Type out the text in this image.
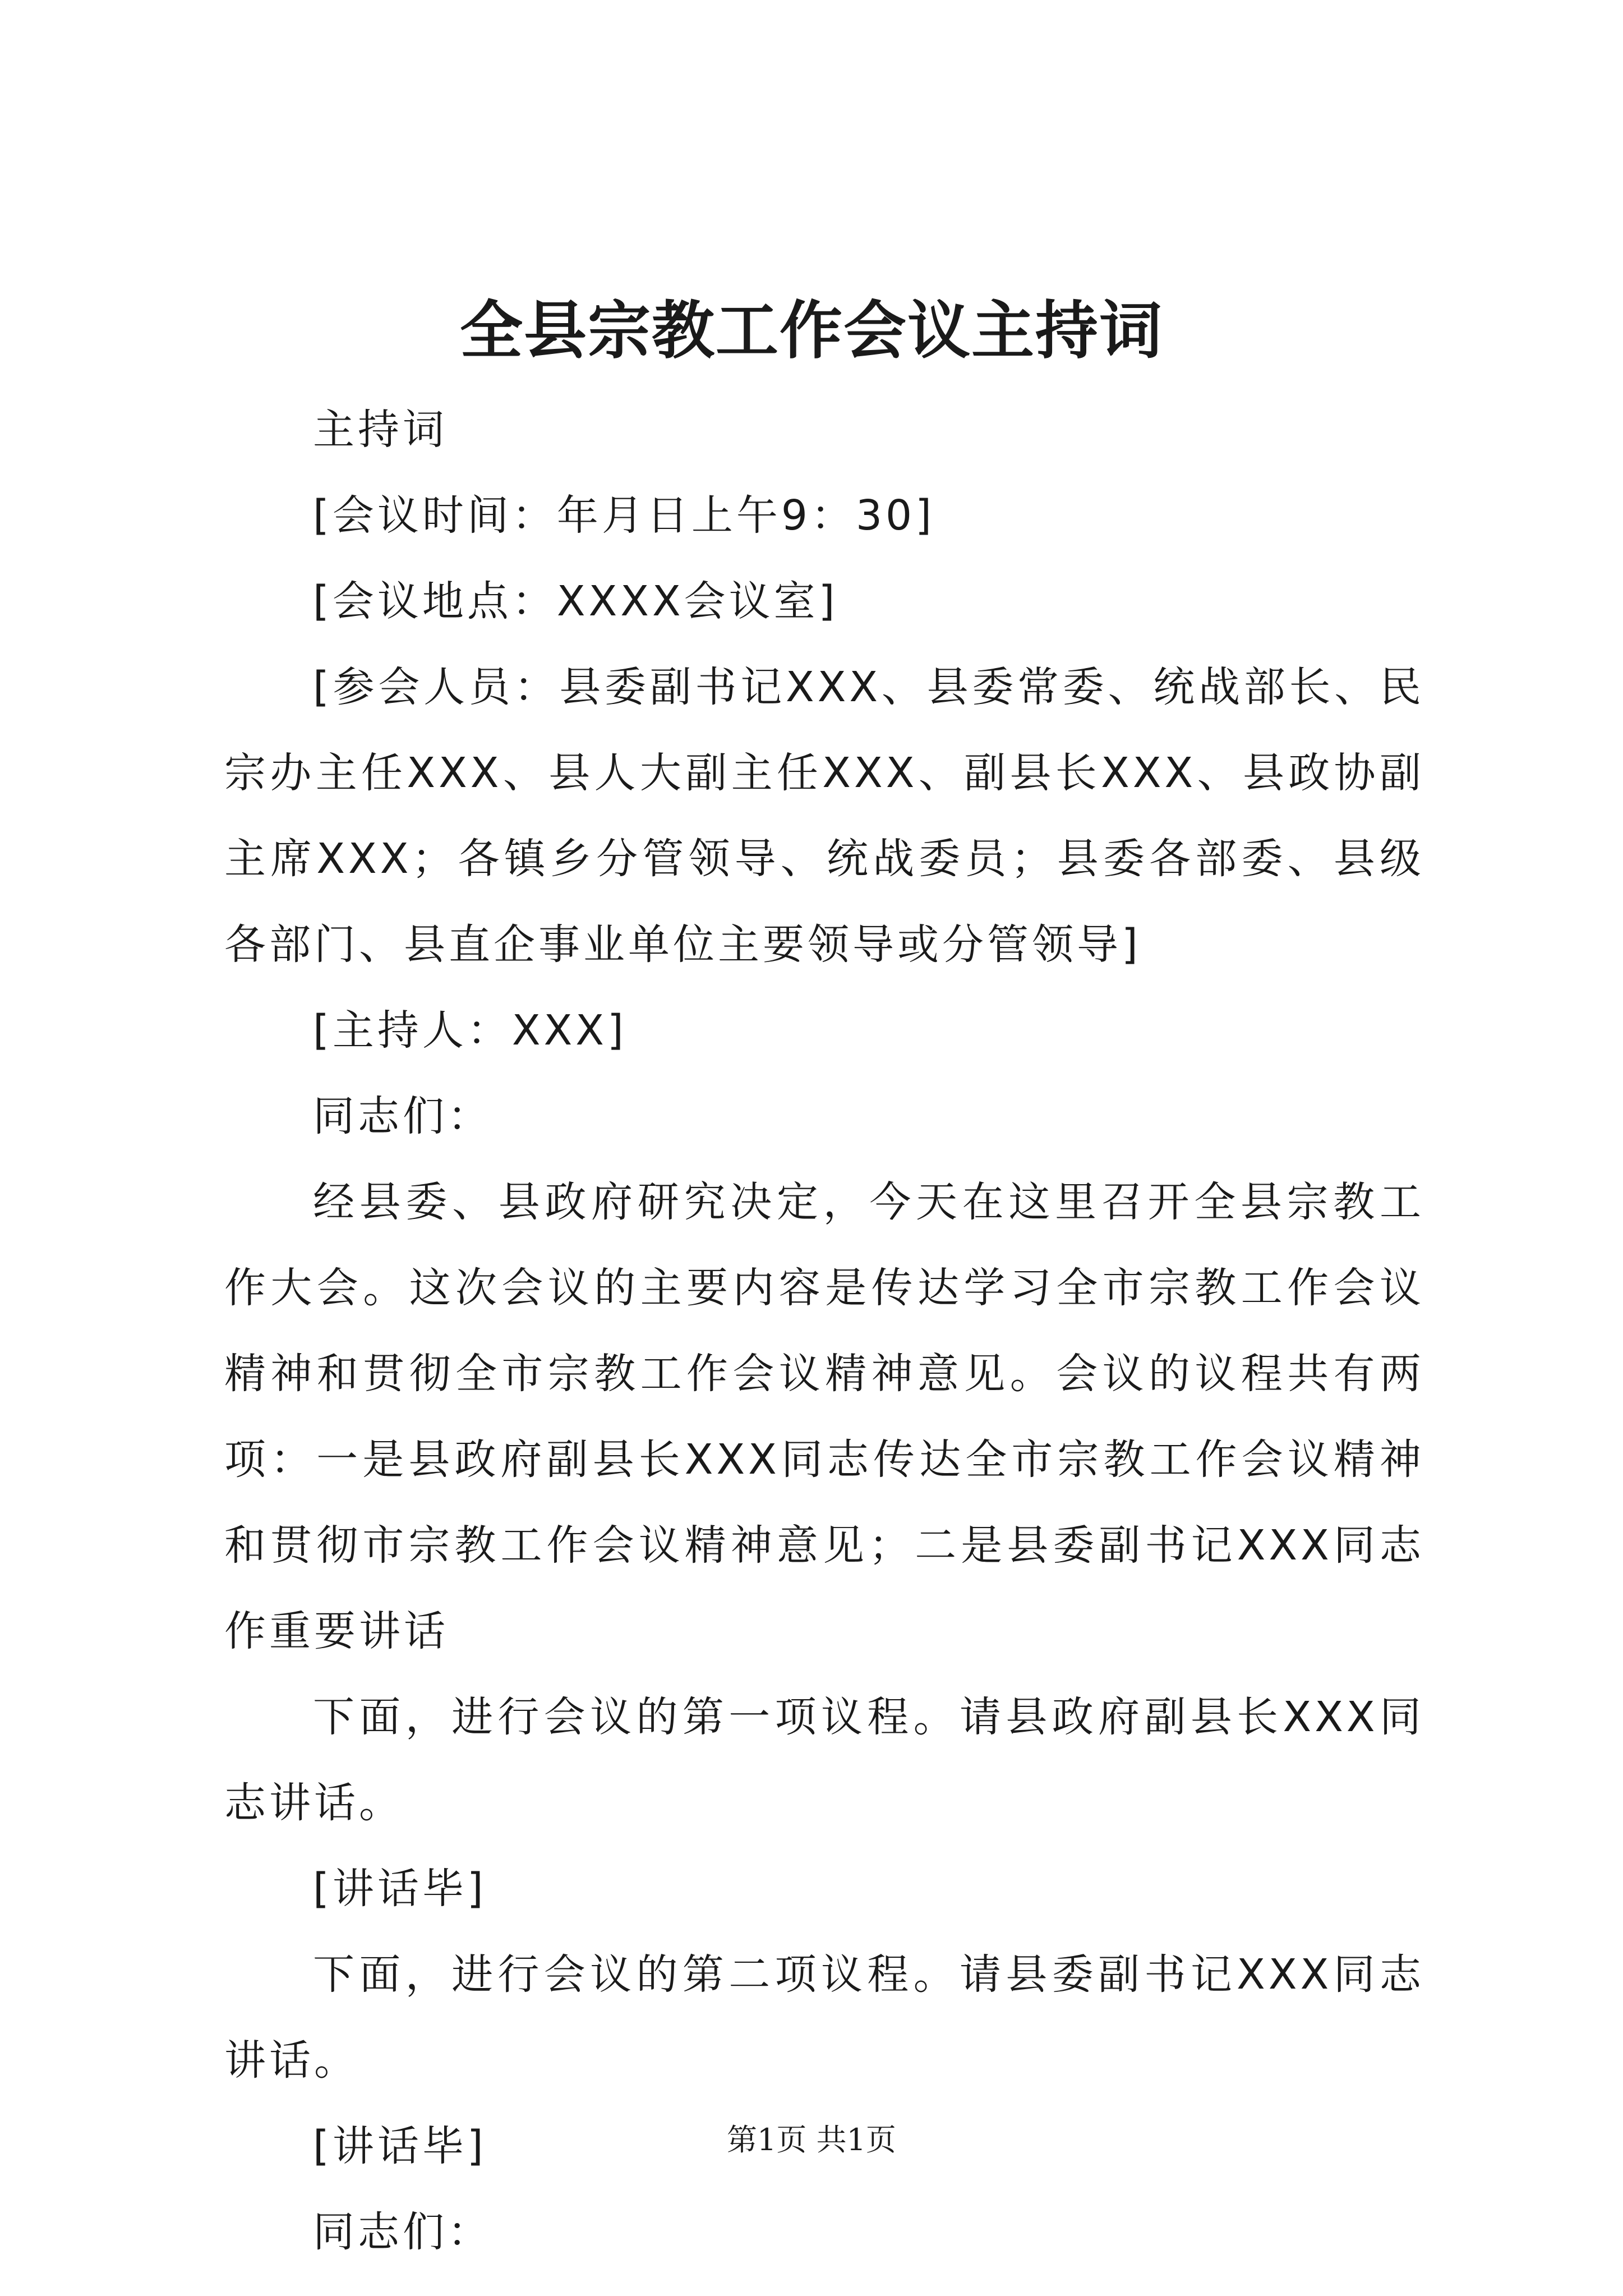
全县宗教工作会议主持词

主持词

[会议时间：年月日上午9：30]

[会议地点：XXXX会议室]

[参会人员：县委副书记XXX、县委常委、统战部长、民宗办主任XXX、县人大副主任XXX、副县长XXX、县政协副主席XXX；各镇乡分管领导、统战委员；县委各部委、县级各部门、县直企事业单位主要领导或分管领导]

[主持人：XXX]

同志们：

经县委、县政府研究决定，今天在这里召开全县宗教工作大会。这次会议的主要内容是传达学习全市宗教工作会议精神和贯彻全市宗教工作会议精神意见。会议的议程共有两项：一是县政府副县长XXX同志传达全市宗教工作会议精神和贯彻市宗教工作会议精神意见；二是县委副书记XXX同志作重要讲话

下面，进行会议的第一项议程。请县政府副县长XXX同志讲话。

[讲话毕]

下面，进行会议的第二项议程。请县委副书记XXX同志讲话。

[讲话毕]

同志们：

第1页 共1页
